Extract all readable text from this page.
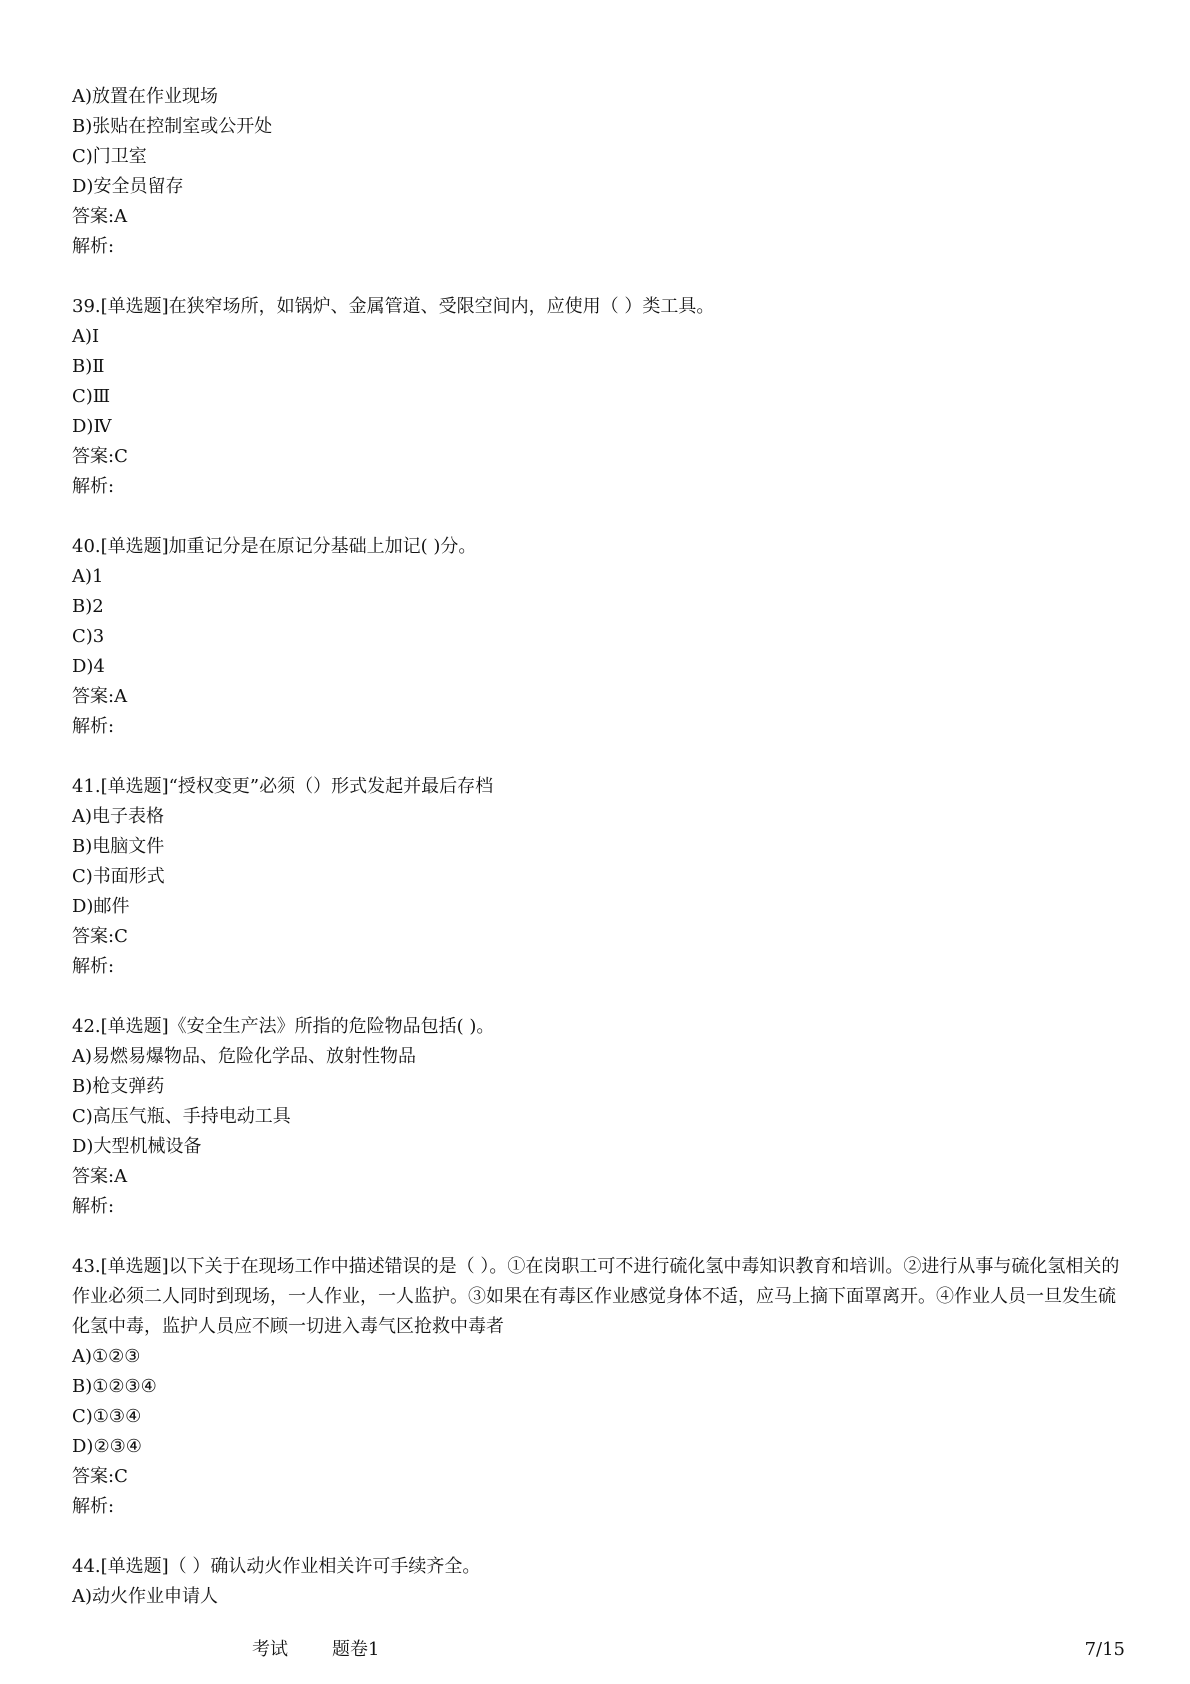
A)放置在作业现场
B)张贴在控制室或公开处
C)门卫室
D)安全员留存
答案:A
解析:
39.[单选题]在狭窄场所，如锅炉、金属管道、受限空间内，应使用（ ）类工具。
A)Ⅰ
B)Ⅱ
C)Ⅲ
D)Ⅳ
答案:C
解析:
40.[单选题]加重记分是在原记分基础上加记( )分。
A)1
B)2
C)3
D)4
答案:A
解析:
41.[单选题]“授权变更”必须（）形式发起并最后存档
A)电子表格
B)电脑文件
C)书面形式
D)邮件
答案:C
解析:
42.[单选题]《安全生产法》所指的危险物品包括( )。
A)易燃易爆物品、危险化学品、放射性物品
B)枪支弹药
C)高压气瓶、手持电动工具
D)大型机械设备
答案:A
解析:
43.[单选题]以下关于在现场工作中描述错误的是（ ）。①在岗职工可不进行硫化氢中毒知识教育和培训。②进行从事与硫化氢相关的作业必须二人同时到现场，一人作业，一人监护。③如果在有毒区作业感觉身体不适，应马上摘下面罩离开。④作业人员一旦发生硫化氢中毒，监护人员应不顾一切进入毒气区抢救中毒者
A)①②③
B)①②③④
C)①③④
D)②③④
答案:C
解析:
44.[单选题]（ ）确认动火作业相关许可手续齐全。
A)动火作业申请人
考试 题卷1	7/15
